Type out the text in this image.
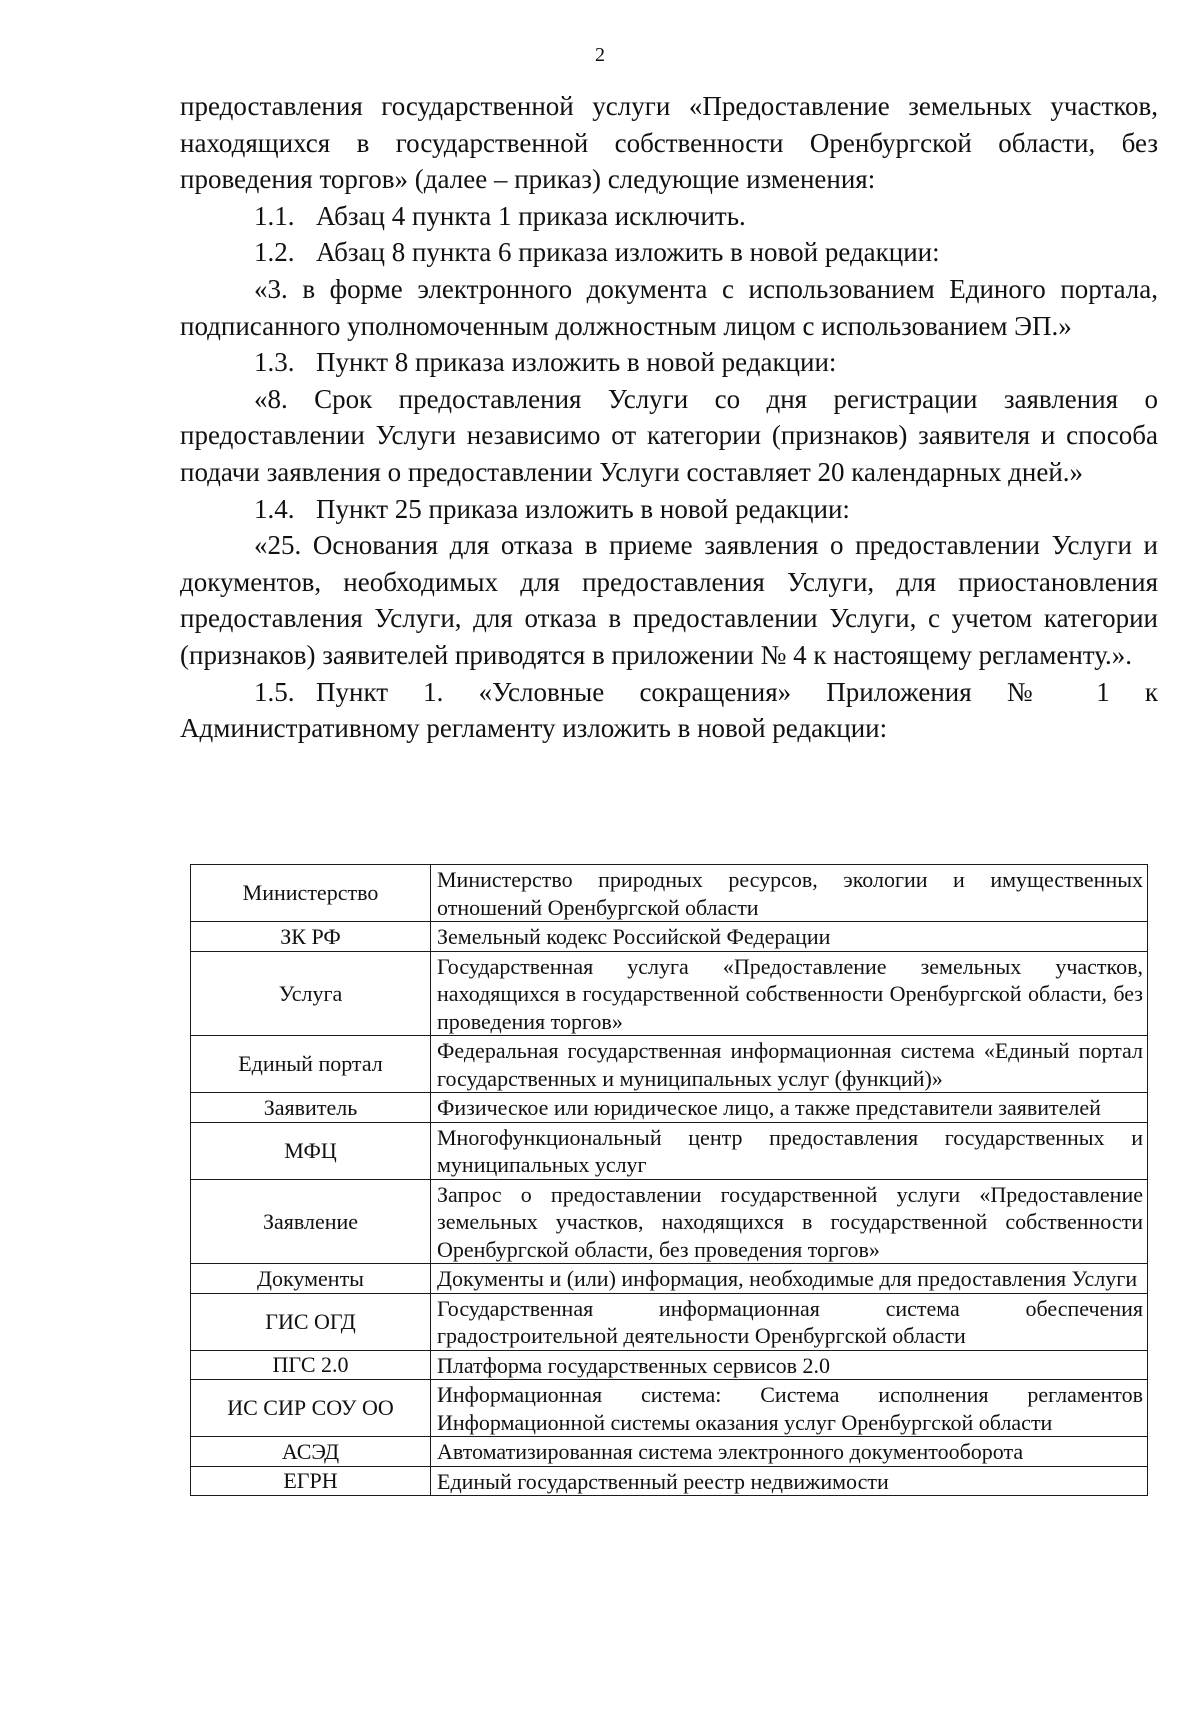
2

предоставления государственной услуги «Предоставление земельных участков, находящихся в государственной собственности Оренбургской области, без проведения торгов» (далее – приказ) следующие изменения:

1.1. Абзац 4 пункта 1 приказа исключить.

1.2. Абзац 8 пункта 6 приказа изложить в новой редакции:

«3. в форме электронного документа с использованием Единого портала, подписанного уполномоченным должностным лицом с использованием ЭП.»

1.3. Пункт 8 приказа изложить в новой редакции:

«8. Срок предоставления Услуги со дня регистрации заявления о предоставлении Услуги независимо от категории (признаков) заявителя и способа подачи заявления о предоставлении Услуги составляет 20 календарных дней.»

1.4. Пункт 25 приказа изложить в новой редакции:

«25. Основания для отказа в приеме заявления о предоставлении Услуги и документов, необходимых для предоставления Услуги, для приостановления предоставления Услуги, для отказа в предоставлении Услуги, с учетом категории (признаков) заявителей приводятся в приложении № 4 к настоящему регламенту.».

1.5. Пункт 1. «Условные сокращения» Приложения № 1 к

Административному регламенту изложить в новой редакции:

Министерство	Министерство природных ресурсов, экологии и имущественных отношений Оренбургской области
ЗК РФ	Земельный кодекс Российской Федерации
Услуга	Государственная услуга «Предоставление земельных участков, находящихся в государственной собственности Оренбургской области, без проведения торгов»
Единый портал	Федеральная государственная информационная система «Единый портал государственных и муниципальных услуг (функций)»
Заявитель	Физическое или юридическое лицо, а также представители заявителей
МФЦ	Многофункциональный центр предоставления государственных и муниципальных услуг
Заявление	Запрос о предоставлении государственной услуги «Предоставление земельных участков, находящихся в государственной собственности Оренбургской области, без проведения торгов»
Документы	Документы и (или) информация, необходимые для предоставления Услуги
ГИС ОГД	Государственная информационная система обеспечения градостроительной деятельности Оренбургской области
ПГС 2.0	Платформа государственных сервисов 2.0
ИС СИР СОУ ОО	Информационная система: Система исполнения регламентов Информационной системы оказания услуг Оренбургской области
АСЭД	Автоматизированная система электронного документооборота
ЕГРН	Единый государственный реестр недвижимости
